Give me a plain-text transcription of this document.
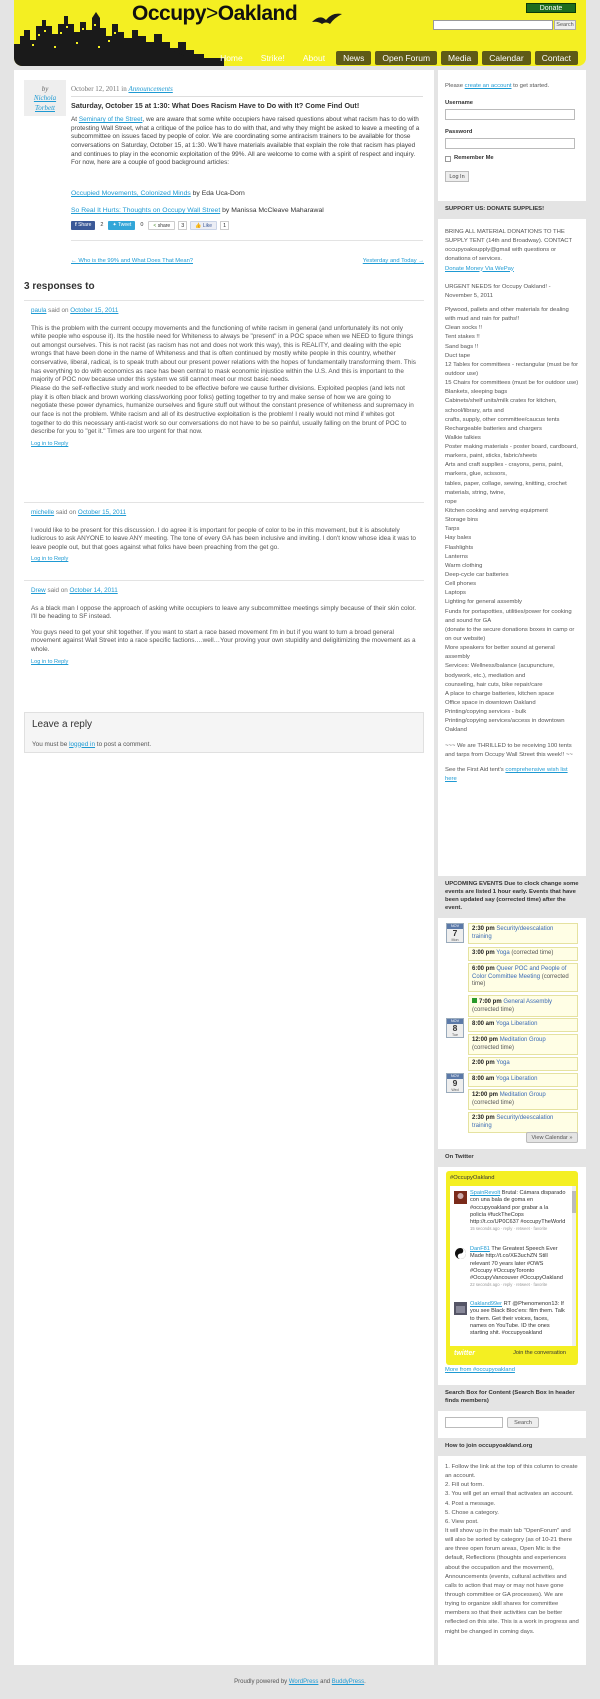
Occupy>Oakland	Donate
Search
Home	Strike!	About	News	Open Forum	Media	Calendar	Contact
by
Nichola Torbett
October 12, 2011 in Announcements
Saturday, October 15 at 1:30: What Does Racism Have to Do with It? Come Find Out!
At Seminary of the Street, we are aware that some white occupiers have raised questions about what racism has to do with protesting Wall Street, what a critique of the police has to do with that, and why they might be asked to leave a meeting of a subcommittee on issues faced by people of color. We are coordinating some antiracism trainers to be available for those conversations on Saturday, October 15, at 1:30. We'll have materials available that explain the role that racism has played and continues to play in the economic exploitation of the 99%. All are welcome to come with a spirit of respect and inquiry. For now, here are a couple of good background articles:
Occupied Movements, Colonized Minds by Eda Uca-Dorn
So Real It Hurts: Thoughts on Occupy Wall Street by Manissa McCleave Maharawal
f Share	2	✦ Tweet	0	< share	3	👍 Like	1
← Who is the 99% and What Does That Mean?	Yesterday and Today →
3 responses to
paula said on October 15, 2011

This is the problem with the current occupy movements and the functioning of white racism in general (and unfortunately its not only white people who espouse it). Its the hostile need for Whiteness to always be "present" in a POC space when we NEED to figure things out amongst ourselves. This is not racist (as racism has not and does not work this way), this is REALITY, and dealing with the epic wrongs that have been done in the name of Whiteness and that is often continued by mostly white people in this country, whether conservative, liberal, radical, is to speak truth about our present power relations with the hopes of fundamentally transforming them. This has everything to do with economics as race has been central to mask economic injustice within the U.S. And this is important to the majority of POC now because under this system we still cannot meet our most basic needs.
Please do the self-reflective study and work needed to be effective before we cause further divisions. Exploited peoples (and lets not play it is often black and brown working class/working poor folks) getting together to try and make sense of how we are going to negotiate these power dynamics, humanize ourselves and figure stuff out without the constant presence of whiteness and supremacy in our face is not the problem. White racism and all of its destructive exploitation is the problem! I really would not mind if whites got together to do this necessary anti-racist work so our conversations do not have to be so painful, usually falling on the brunt of POC to describe for you to "get it." Times are too urgent for that now.

Log in to Reply
michelle said on October 15, 2011

I would like to be present for this discussion. I do agree it is important for people of color to be in this movement, but it is absolutely ludicrous to ask ANYONE to leave ANY meeting. The tone of every GA has been inclusive and inviting. I don't know whose idea it was to leave people out, but that goes against what folks have been preaching from the get go.

Log in to Reply
Drew said on October 14, 2011

As a black man I oppose the approach of asking white occupiers to leave any subcommittee meetings simply because of their skin color. I'll be heading to SF instead.

You guys need to get your shit together. If you want to start a race based movement I'm in but if you want to turn a broad general movement against Wall Street into a race specific factions….well…Your proving your own stupidity and deligitimizing the movement as a whole.

Log in to Reply
Leave a reply
You must be logged in to post a comment.
Please create an account to get started.
Username
Password
Remember Me
Log In
SUPPORT US: DONATE SUPPLIES!
BRING ALL MATERIAL DONATIONS TO THE SUPPLY TENT (14th and Broadway). CONTACT occupyoaksupply@gmail with questions or donations of services.
Donate Money Via WePay
URGENT NEEDS for Occupy Oakland! - November 5, 2011
Plywood, pallets and other materials for dealing with mud and rain for paths!!
Clean socks !!
Tent stakes !!
Sand bags !!
Duct tape
12 Tables for committees - rectangular (must be for outdoor use)
15 Chairs for committees (must be for outdoor use)
Blankets, sleeping bags
Cabinets/shelf units/milk crates for kitchen, school/library, arts and
crafts, supply, other committee/caucus tents
Rechargeable batteries and chargers
Walkie talkies
Poster making materials - poster board, cardboard, markers, paint, sticks, fabric/sheets
Arts and craft supplies - crayons, pens, paint, markers, glue, scissors,
tables, paper, collage, sewing, knitting, crochet materials, string, twine,
rope
Kitchen cooking and serving equipment
Storage bins
Tarps
Hay bales
Flashlights
Lanterns
Warm clothing
Deep-cycle car batteries
Cell phones
Laptops
Lighting for general assembly
Funds for portapotties, utilities/power for cooking and sound for GA
(donate to the secure donations boxes in camp or on our website)
More speakers for better sound at general assembly
Services: Wellness/balance (acupuncture, bodywork, etc.), mediation and
counseling, hair cuts, bike repair/care
A place to charge batteries, kitchen space
Office space in downtown Oakland
Printing/copying services - bulk
Printing/copying services/access in downtown Oakland
~~~ We are THRILLED to be receiving 100 tents and tarps from Occupy Wall Street this week!! ~~
See the First Aid tent's comprehensive wish list here
UPCOMING EVENTS Due to clock change some events are listed 1 hour early. Events that have been updated say (corrected time) after the event.
NOV
7
Mon
2:30 pm Security/deescalation training
3:00 pm Yoga (corrected time)
6:00 pm Queer POC and People of Color Committee Meeting (corrected time)
7:00 pm General Assembly (corrected time)
NOV
8
Tue
8:00 am Yoga Liberation
12:00 pm Meditation Group (corrected time)
2:00 pm Yoga
NOV
9
Wed
8:00 am Yoga Liberation
12:00 pm Meditation Group (corrected time)
2:30 pm Security/deescalation training
View Calendar »
On Twitter
#OccupyOakland
SpainRevolt Brutal: Cámara disparado con una bala de goma en #occupyoakland por grabar a la policía #fuckTheCops http://t.co/UP0C637 #occupyTheWorld
15 seconds ago · reply · retweet · favorite
DanF81 The Greatest Speech Ever Made http://t.co/XE3uchZN Still relevant 70 years later #OWS #Occupy #OccupyToronto #OccupyVancouver #OccupyOakland
22 seconds ago · reply · retweet · favorite
Oakland99er RT @Phenomenon13: If you see Black Bloc'ers: film them. Talk to them. Get their voices, faces, names on YouTube. ID the ones starting shit. #occupyoakland
twitter	Join the conversation
More from #occupyoakland
Search Box for Content (Search Box in header finds members)
Search
How to join occupyoakland.org
1. Follow the link at the top of this column to create an account.
2. Fill out form.
3. You will get an email that activates an account.
4. Post a message.
5. Chose a category.
6. View post.
It will show up in the main tab "OpenForum" and will also be sorted by category (as of 10-21 there are three open forum areas, Open Mic is the default, Reflections (thoughts and experiences about the occupation and the movement), Announcements (events, cultural activities and calls to action that may or may not have gone through committee or GA processes). We are trying to organize skill shares for committee members so that their activities can be better reflected on this site. This is a work in progress and might be changed in coming days.
Proudly powered by WordPress and BuddyPress.
